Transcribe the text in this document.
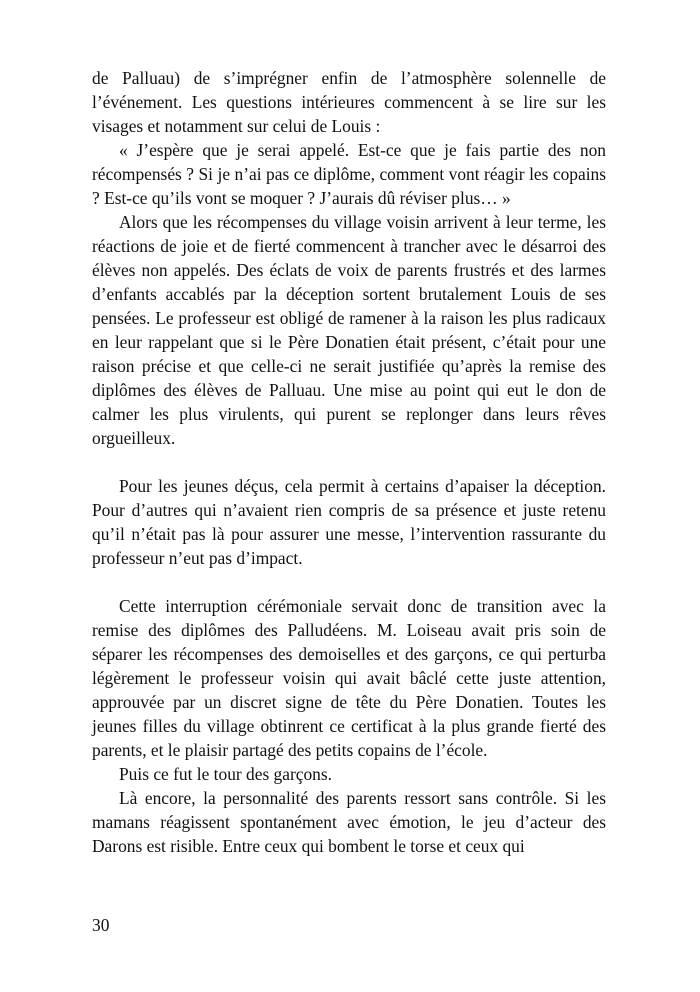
de Palluau) de s’imprégner enfin de l’atmosphère solennelle de l’événement. Les questions intérieures commencent à se lire sur les visages et notamment sur celui de Louis :

« J’espère que je serai appelé. Est-ce que je fais partie des non récompensés ? Si je n’ai pas ce diplôme, comment vont réagir les copains ? Est-ce qu’ils vont se moquer ? J’aurais dû réviser plus… »

Alors que les récompenses du village voisin arrivent à leur terme, les réactions de joie et de fierté commencent à trancher avec le désarroi des élèves non appelés. Des éclats de voix de parents frustrés et des larmes d’enfants accablés par la déception sortent brutalement Louis de ses pensées. Le professeur est obligé de ramener à la raison les plus radicaux en leur rappelant que si le Père Donatien était présent, c’était pour une raison précise et que celle-ci ne serait justifiée qu’après la remise des diplômes des élèves de Palluau. Une mise au point qui eut le don de calmer les plus virulents, qui purent se replonger dans leurs rêves orgueilleux.

Pour les jeunes déçus, cela permit à certains d’apaiser la déception. Pour d’autres qui n’avaient rien compris de sa présence et juste retenu qu’il n’était pas là pour assurer une messe, l’intervention rassurante du professeur n’eut pas d’impact.

Cette interruption cérémoniale servait donc de transition avec la remise des diplômes des Palludéens. M. Loiseau avait pris soin de séparer les récompenses des demoiselles et des garçons, ce qui perturba légèrement le professeur voisin qui avait bâclé cette juste attention, approuvée par un discret signe de tête du Père Donatien. Toutes les jeunes filles du village obtinrent ce certificat à la plus grande fierté des parents, et le plaisir partagé des petits copains de l’école.

Puis ce fut le tour des garçons.

Là encore, la personnalité des parents ressort sans contrôle. Si les mamans réagissent spontanément avec émotion, le jeu d’acteur des Darons est risible. Entre ceux qui bombent le torse et ceux qui

30
